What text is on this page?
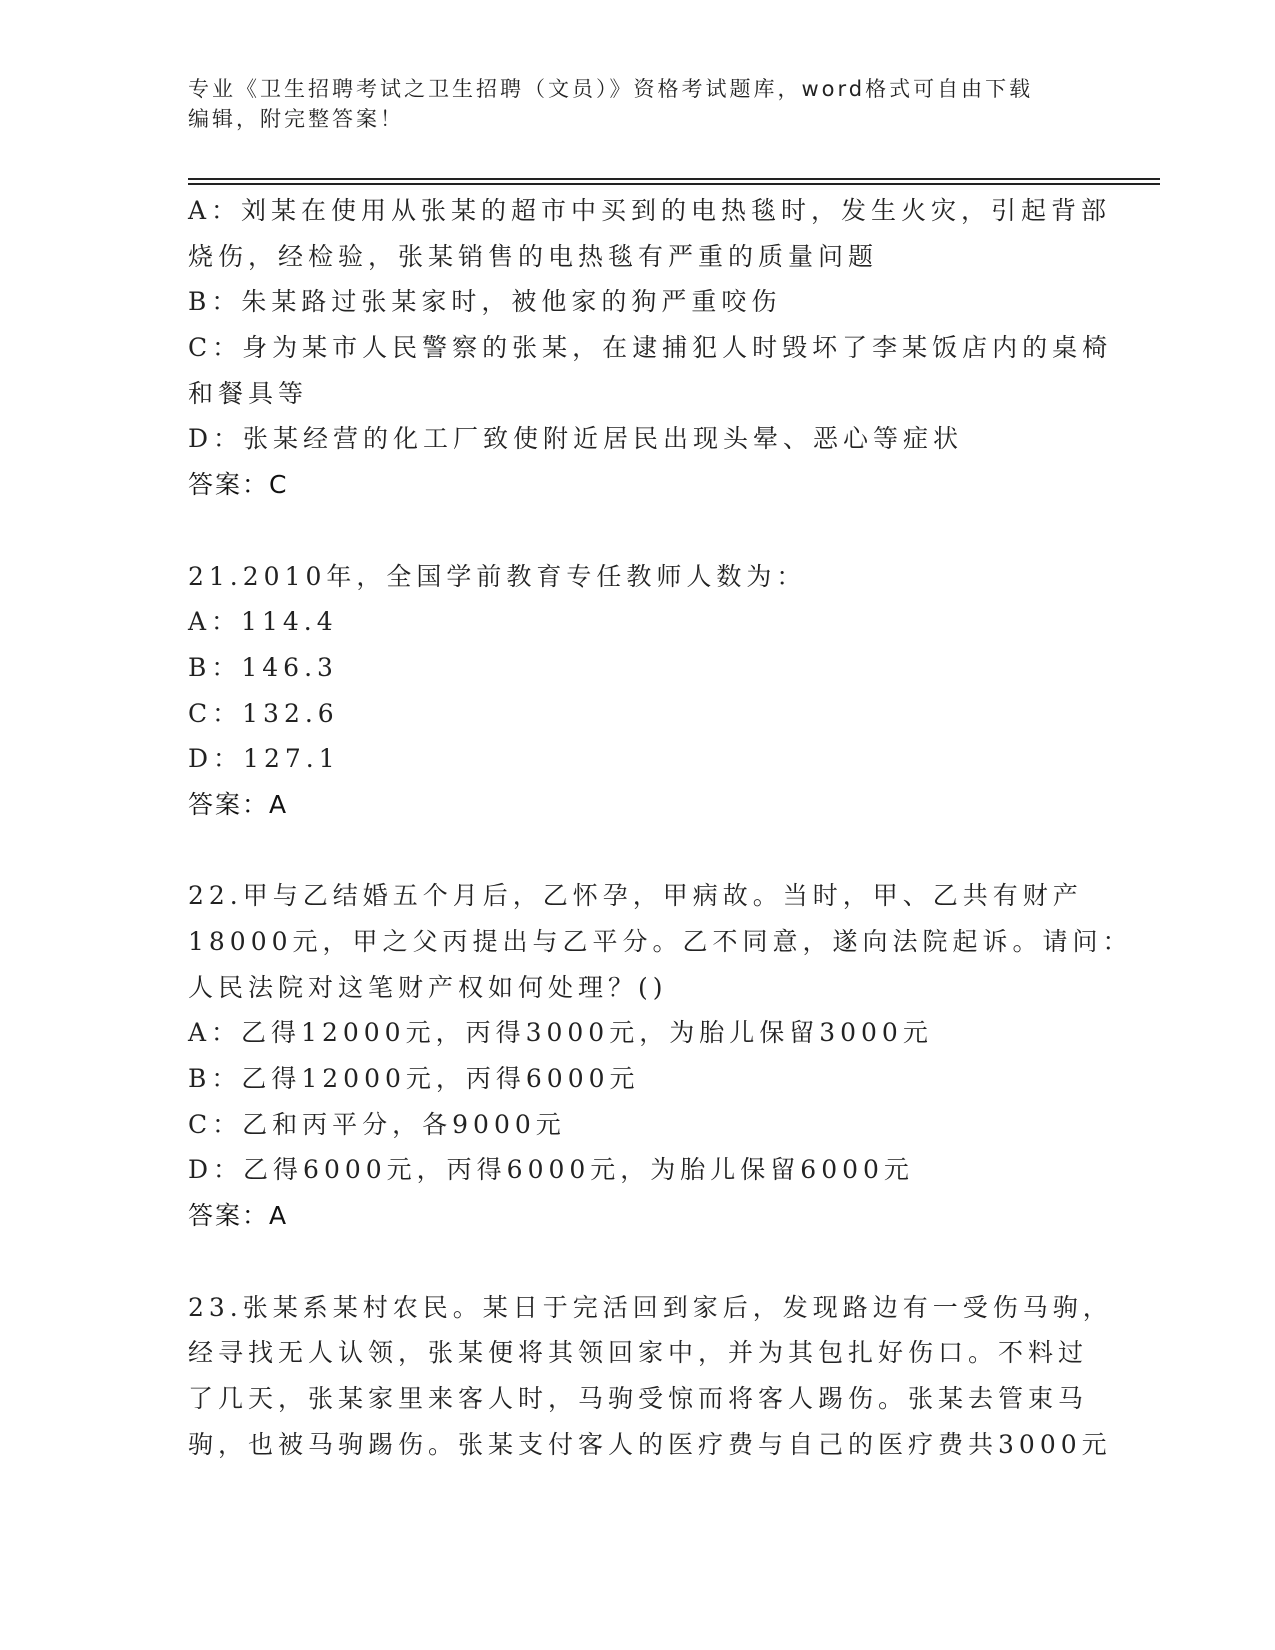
专业《卫生招聘考试之卫生招聘（文员）》资格考试题库，word格式可自由下载
编辑，附完整答案！
A：刘某在使用从张某的超市中买到的电热毯时，发生火灾，引起背部
烧伤，经检验，张某销售的电热毯有严重的质量问题
B：朱某路过张某家时，被他家的狗严重咬伤
C：身为某市人民警察的张某，在逮捕犯人时毁坏了李某饭店内的桌椅
和餐具等
D：张某经营的化工厂致使附近居民出现头晕、恶心等症状
答案：C
21.2010年，全国学前教育专任教师人数为：
A：114.4
B：146.3
C：132.6
D：127.1
答案：A
22.甲与乙结婚五个月后，乙怀孕，甲病故。当时，甲、乙共有财产
18000元，甲之父丙提出与乙平分。乙不同意，遂向法院起诉。请问：
人民法院对这笔财产权如何处理？()
A：乙得12000元，丙得3000元，为胎儿保留3000元
B：乙得12000元，丙得6000元
C：乙和丙平分，各9000元
D：乙得6000元，丙得6000元，为胎儿保留6000元
答案：A
23.张某系某村农民。某日于完活回到家后，发现路边有一受伤马驹，
经寻找无人认领，张某便将其领回家中，并为其包扎好伤口。不料过
了几天，张某家里来客人时，马驹受惊而将客人踢伤。张某去管束马
驹，也被马驹踢伤。张某支付客人的医疗费与自己的医疗费共3000元
